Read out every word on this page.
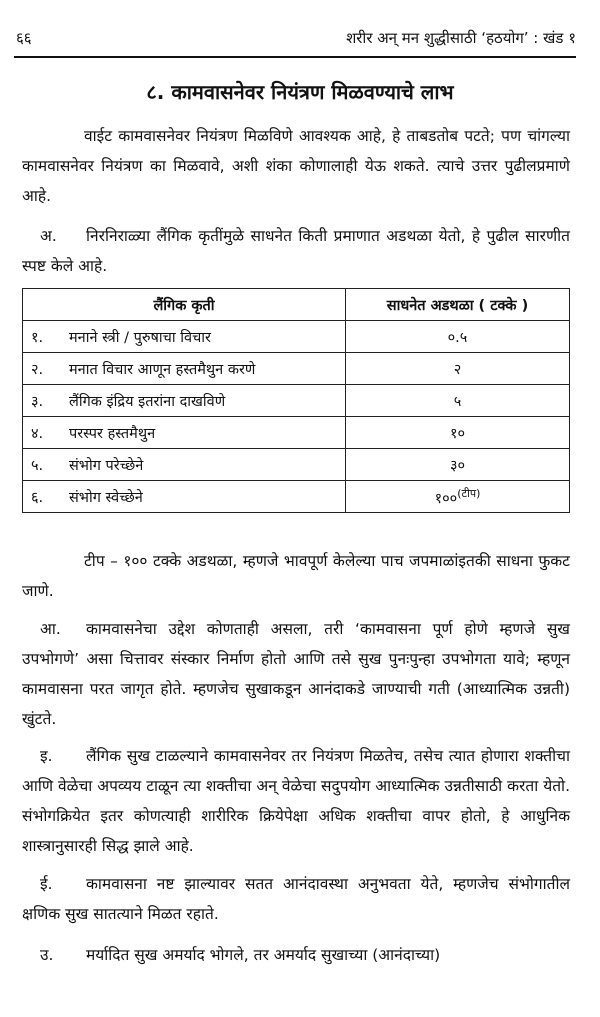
६६	शरीर अन् मन शुद्धीसाठी ‘हठयोग’ : खंड १
८. कामवासनेवर नियंत्रण मिळवण्याचे लाभ

वाईट कामवासनेवर नियंत्रण मिळविणे आवश्यक आहे, हे ताबडतोब पटते; पण चांगल्या कामवासनेवर नियंत्रण का मिळवावे, अशी शंका कोणालाही येऊ शकते. त्याचे उत्तर पुढीलप्रमाणे आहे.

अ. निरनिराळ्या लैंगिक कृतींमुळे साधनेत किती प्रमाणात अडथळा येतो, हे पुढील सारणीत स्पष्ट केले आहे.

लैंगिक कृती	साधनेत अडथळा ( टक्के )
१. मनाने स्त्री / पुरुषाचा विचार	०.५
२. मनात विचार आणून हस्तमैथुन करणे	२
३. लैंगिक इंद्रिय इतरांना दाखविणे	५
४. परस्पर हस्तमैथुन	१०
५. संभोग परेच्छेने	३०
६. संभोग स्वेच्छेने	१००$^{(टीप)}$

टीप – १०० टक्के अडथळा, म्हणजे भावपूर्ण केलेल्या पाच जपमाळांइतकी साधना फुकट जाणे.

आ. कामवासनेचा उद्देश कोणताही असला, तरी ‘कामवासना पूर्ण होणे म्हणजे सुख उपभोगणे’ असा चित्तावर संस्कार निर्माण होतो आणि तसे सुख पुनःपुन्हा उपभोगता यावे; म्हणून कामवासना परत जागृत होते. म्हणजेच सुखाकडून आनंदाकडे जाण्याची गती (आध्यात्मिक उन्नती) खुंटते.

इ. लैंगिक सुख टाळल्याने कामवासनेवर तर नियंत्रण मिळतेच, तसेच त्यात होणारा शक्तीचा आणि वेळेचा अपव्यय टाळून त्या शक्तीचा अन् वेळेचा सदुपयोग आध्यात्मिक उन्नतीसाठी करता येतो. संभोगक्रियेत इतर कोणत्याही शारीरिक क्रियेपेक्षा अधिक शक्तीचा वापर होतो, हे आधुनिक शास्त्रानुसारही सिद्ध झाले आहे.

ई. कामवासना नष्ट झाल्यावर सतत आनंदावस्था अनुभवता येते, म्हणजेच संभोगातील क्षणिक सुख सातत्याने मिळत रहाते.

उ. मर्यादित सुख अमर्याद भोगले, तर अमर्याद सुखाच्या (आनंदाच्या)
